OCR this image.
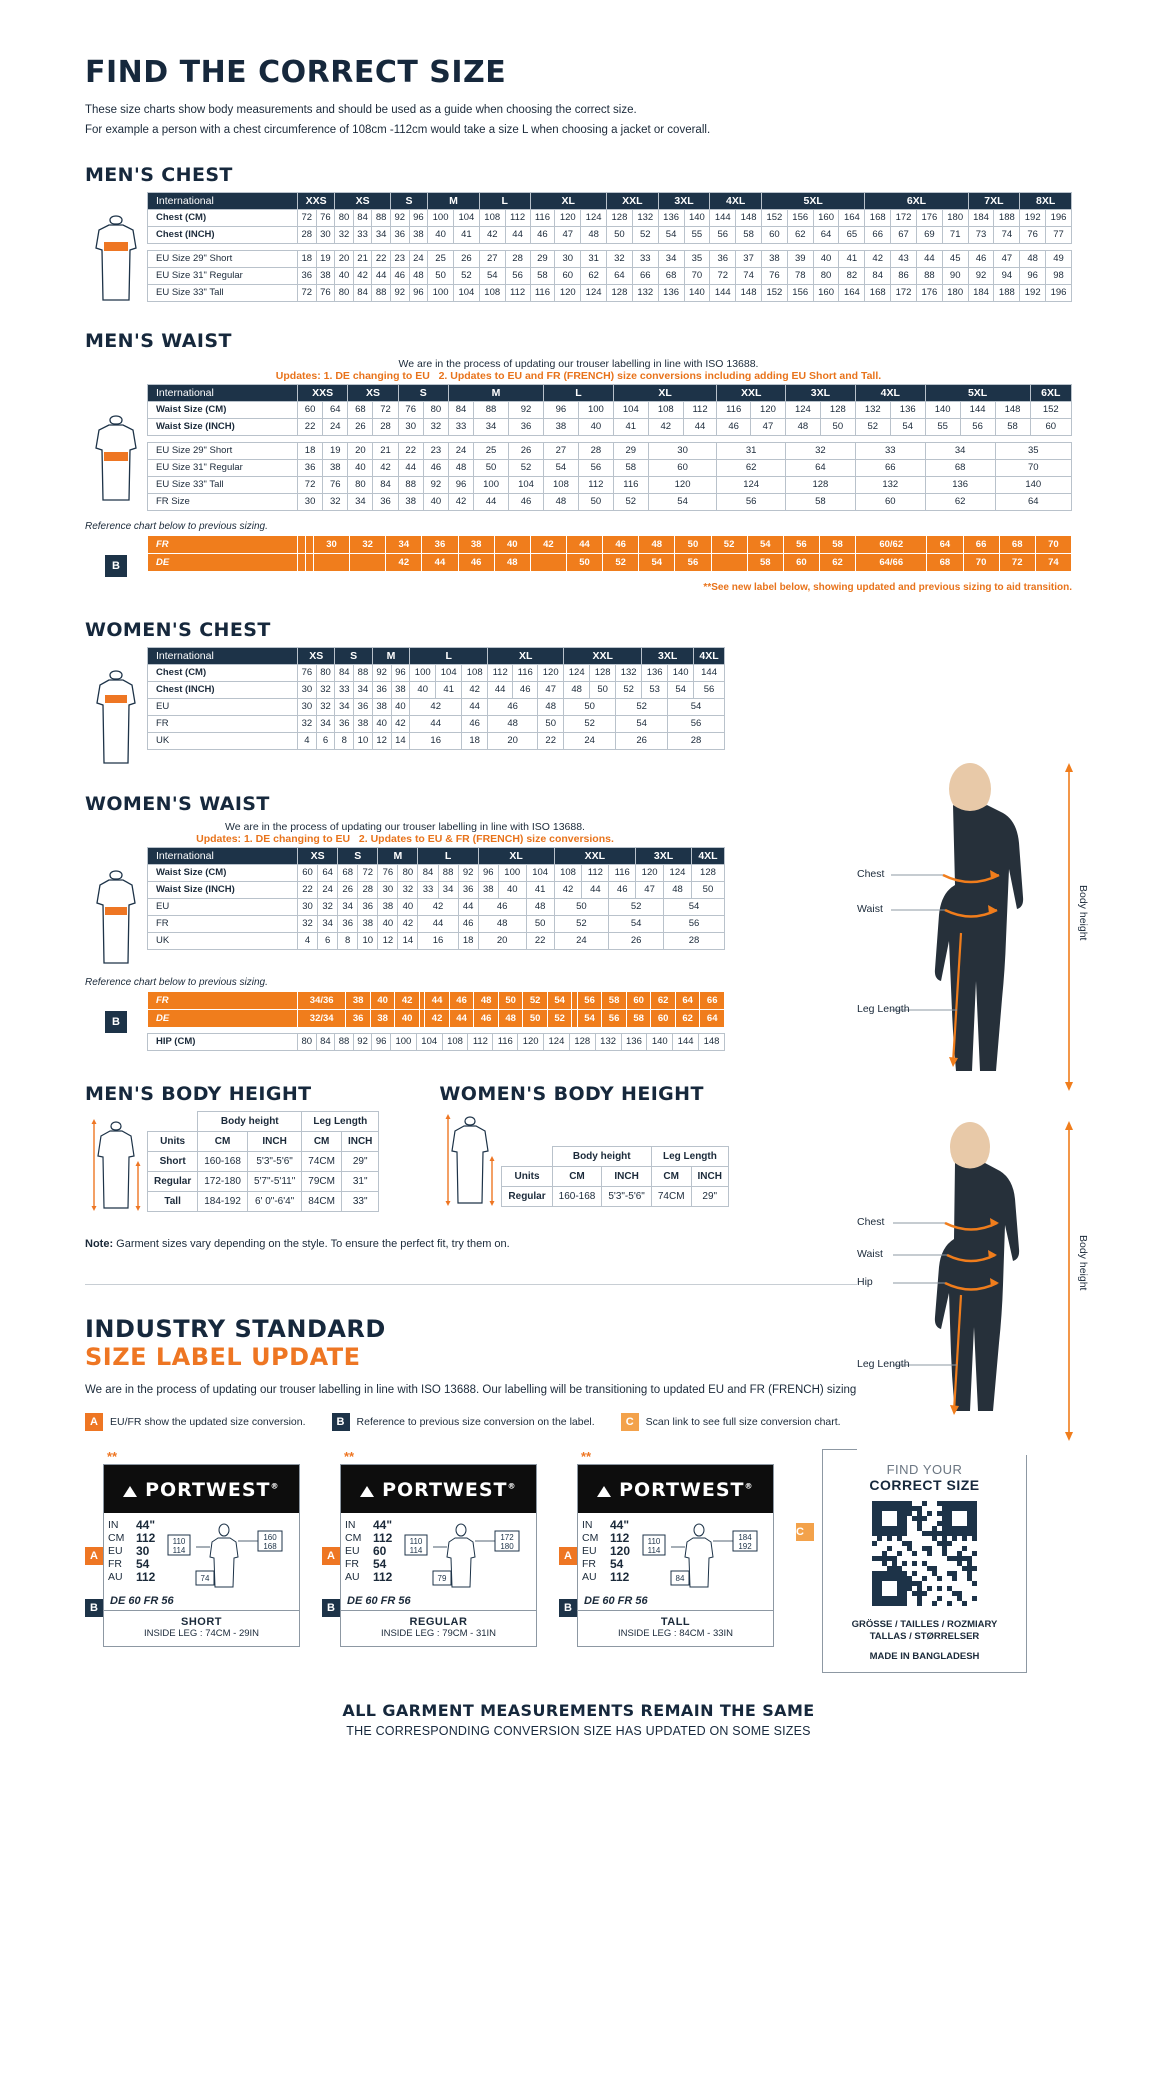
FIND THE CORRECT SIZE
These size charts show body measurements and should be used as a guide when choosing the correct size.
For example a person with a chest circumference of 108cm -112cm would take a size L when choosing a jacket or coverall.
MEN'S CHEST
International	XXS		XS			S		M		L		XL			XXL		3XL		4XL		5XL				6XL				7XL		8XL	
Chest (CM)	72	76	80	84	88	92	96	100	104	108	112	116	120	124	128	132	136	140	144	148	152	156	160	164	168	172	176	180	184	188	192	196
Chest (INCH)	28	30	32	33	34	36	38	40	41	42	44	46	47	48	50	52	54	55	56	58	60	62	64	65	66	67	69	71	73	74	76	77

EU Size 29" Short	18	19	20	21	22	23	24	25	26	27	28	29	30	31	32	33	34	35	36	37	38	39	40	41	42	43	44	45	46	47	48	49
EU Size 31" Regular	36	38	40	42	44	46	48	50	52	54	56	58	60	62	64	66	68	70	72	74	76	78	80	82	84	86	88	90	92	94	96	98
EU Size 33" Tall	72	76	80	84	88	92	96	100	104	108	112	116	120	124	128	132	136	140	144	148	152	156	160	164	168	172	176	180	184	188	192	196
MEN'S WAIST
We are in the process of updating our trouser labelling in line with ISO 13688.
Updates: 1. DE changing to EU 2. Updates to EU and FR (FRENCH) size conversions including adding EU Short and Tall.
International	XXS		XS		S		M			L		XL			XXL		3XL		4XL		5XL			6XL
Waist Size (CM)	60	64	68	72	76	80	84	88	92	96	100	104	108	112	116	120	124	128	132	136	140	144	148	152
Waist Size (INCH)	22	24	26	28	30	32	33	34	36	38	40	41	42	44	46	47	48	50	52	54	55	56	58	60

EU Size 29" Short	18	19	20	21	22	23	24	25	26	27	28	29	30		31		32		33		34		35	
EU Size 31" Regular	36	38	40	42	44	46	48	50	52	54	56	58	60		62		64		66		68		70	
EU Size 33" Tall	72	76	80	84	88	92	96	100	104	108	112	116	120		124		128		132		136		140	
FR Size	30	32	34	36	38	40	42	44	46	48	50	52	54		56		58		60		62		64	
Reference chart below to previous sizing.
B
FR			30	32	34	36	38	40	42	44	46	48	50	52	54	56	58	60/62	64	66	68	70
DE					42	44	46	48		50	52	54	56		58	60	62	64/66	68	70	72	74
**See new label below, showing updated and previous sizing to aid transition.
WOMEN'S CHEST
International	XS		S		M		L			XL			XXL			3XL		4XL
Chest (CM)	76	80	84	88	92	96	100	104	108	112	116	120	124	128	132	136	140	144
Chest (INCH)	30	32	33	34	36	38	40	41	42	44	46	47	48	50	52	53	54	56
EU	30	32	34	36	38	40	42		44	46		48	50		52		54	
FR	32	34	36	38	40	42	44		46	48		50	52		54		56	
UK	4	6	8	10	12	14	16		18	20		22	24		26		28	
WOMEN'S WAIST
We are in the process of updating our trouser labelling in line with ISO 13688.
Updates: 1. DE changing to EU 2. Updates to EU & FR (FRENCH) size conversions.
International	XS		S		M		L			XL			XXL			3XL		4XL
Waist Size (CM)	60	64	68	72	76	80	84	88	92	96	100	104	108	112	116	120	124	128
Waist Size (INCH)	22	24	26	28	30	32	33	34	36	38	40	41	42	44	46	47	48	50
EU	30	32	34	36	38	40	42		44	46		48	50		52		54	
FR	32	34	36	38	40	42	44		46	48		50	52		54		56	
UK	4	6	8	10	12	14	16		18	20		22	24		26		28	
Reference chart below to previous sizing.
B
FR	34/36	38	40	42		44	46	48	50	52	54		56	58	60	62	64	66
DE	32/34	36	38	40		42	44	46	48	50	52		54	56	58	60	62	64
HIP (CM)	80	84	88	92	96	100	104	108	112	116	120	124	128	132	136	140	144	148
MEN'S BODY HEIGHT
	Body height		Leg Length	
Units	CM	INCH	CM	INCH
Short	160-168	5'3"-5'6"	74CM	29"
Regular	172-180	5'7"-5'11"	79CM	31"
Tall	184-192	6' 0"-6'4"	84CM	33"
WOMEN'S BODY HEIGHT
	Body height		Leg Length	
Units	CM	INCH	CM	INCH
Regular	160-168	5'3"-5'6"	74CM	29"
Note: Garment sizes vary depending on the style. To ensure the perfect fit, try them on.
INDUSTRY STANDARD
SIZE LABEL UPDATE
We are in the process of updating our trouser labelling in line with ISO 13688. Our labelling will be transitioning to updated EU and FR (FRENCH) sizing
A	EU/FR show the updated size conversion.	B	Reference to previous size conversion on the label.	C	Scan link to see full size conversion chart.
**
A
B
PORTWEST®
IN	44"
CM 112
EU	30
FR	54
AU	112
110
114
160
168
74
DE 60 FR 56
SHORT
INSIDE LEG : 74CM - 29IN
**
A
B
PORTWEST®
IN	44"
CM 112
EU	60
FR	54
AU	112
110
114
172
180
79
DE 60 FR 56
REGULAR
INSIDE LEG : 79CM - 31IN
**
A
B
PORTWEST®
IN	44"
CM 112
EU	120
FR	54
AU	112
110
114
184
192
84
DE 60 FR 56
TALL
INSIDE LEG : 84CM - 33IN
C
FIND YOUR
CORRECT SIZE
GRÖSSE / TAILLES / ROZMIARY
TALLAS / STØRRELSER
MADE IN BANGLADESH
ALL GARMENT MEASUREMENTS REMAIN THE SAME
THE CORRESPONDING CONVERSION SIZE HAS UPDATED ON SOME SIZES
Chest
Waist
Leg Length
Body height
Chest
Waist
Hip
Leg Length
Body height
